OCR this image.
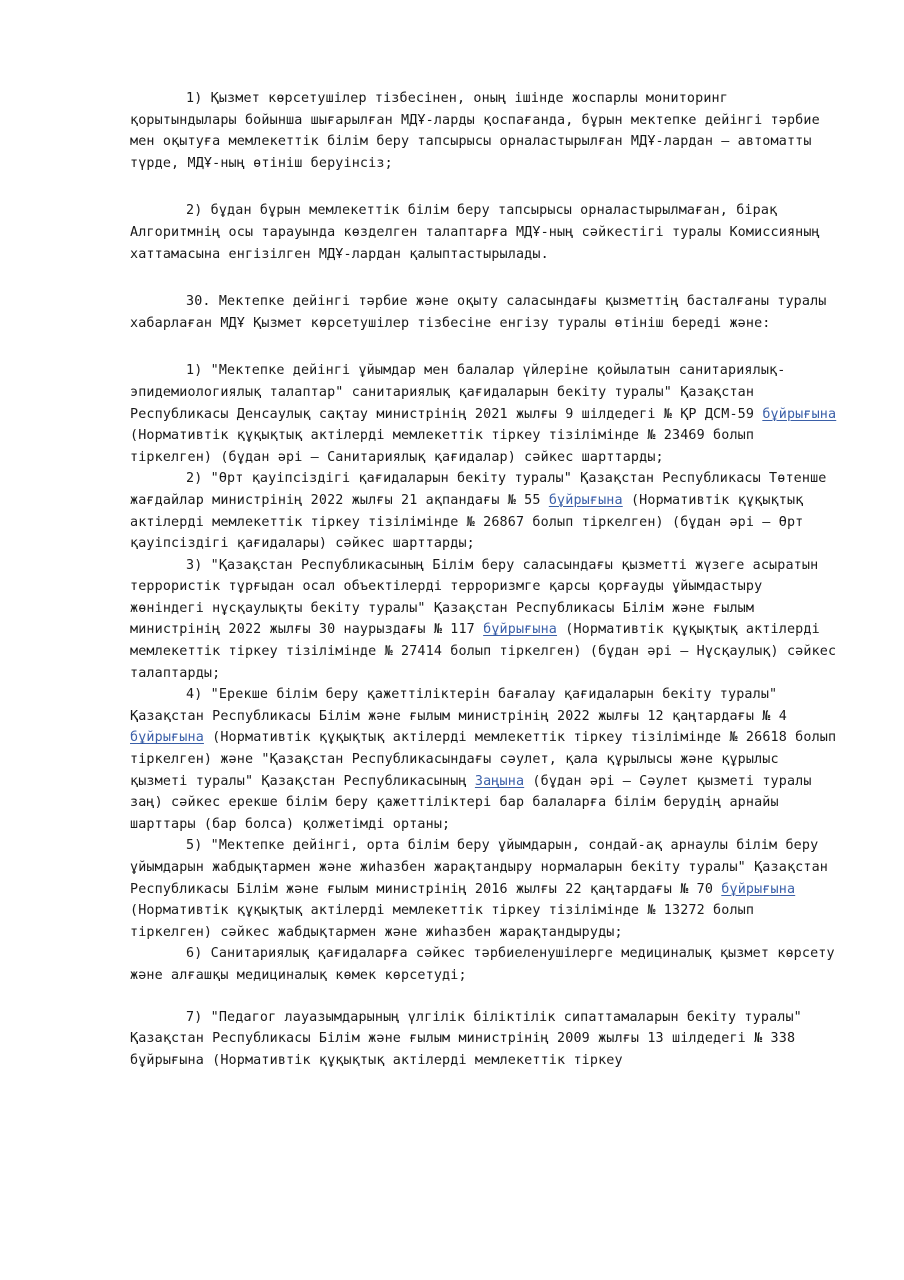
1) Қызмет көрсетушілер тізбесінен, оның ішінде жоспарлы мониторинг қорытындылары бойынша шығарылған МДҰ-ларды қоспағанда, бұрын мектепке дейінгі тәрбие мен оқытуға мемлекеттік білім беру тапсырысы орналастырылған МДҰ-лардан – автоматты түрде, МДҰ-ның өтініш беруінсіз;

2) бұдан бұрын мемлекеттік білім беру тапсырысы орналастырылмаған, бірақ Алгоритмнің осы тарауында көзделген талаптарға МДҰ-ның сәйкестігі туралы Комиссияның хаттамасына енгізілген МДҰ-лардан қалыптастырылады.

30. Мектепке дейінгі тәрбие және оқыту саласындағы қызметтің басталғаны туралы хабарлаған МДҰ Қызмет көрсетушілер тізбесіне енгізу туралы өтініш береді және:

1) "Мектепке дейінгі ұйымдар мен балалар үйлеріне қойылатын санитариялық-эпидемиологиялық талаптар" санитариялық қағидаларын бекіту туралы" Қазақстан Республикасы Денсаулық сақтау министрінің 2021 жылғы 9 шілдедегі № ҚР ДСМ-59 бұйрығына (Нормативтік құқықтық актілерді мемлекеттік тіркеу тізілімінде № 23469 болып тіркелген) (бұдан әрі – Санитариялық қағидалар) сәйкес шарттарды;

2) "Өрт қауіпсіздігі қағидаларын бекіту туралы" Қазақстан Республикасы Төтенше жағдайлар министрінің 2022 жылғы 21 ақпандағы № 55 бұйрығына (Нормативтік құқықтық актілерді мемлекеттік тіркеу тізілімінде № 26867 болып тіркелген) (бұдан әрі – Өрт қауіпсіздігі қағидалары) сәйкес шарттарды;

3) "Қазақстан Республикасының Білім беру саласындағы қызметті жүзеге асыратын террористік тұрғыдан осал объектілерді терроризмге қарсы қорғауды ұйымдастыру жөніндегі нұсқаулықты бекіту туралы" Қазақстан Республикасы Білім және ғылым министрінің 2022 жылғы 30 наурыздағы № 117 бұйрығына (Нормативтік құқықтық актілерді мемлекеттік тіркеу тізілімінде № 27414 болып тіркелген) (бұдан әрі – Нұсқаулық) сәйкес талаптарды;

4) "Ерекше білім беру қажеттіліктерін бағалау қағидаларын бекіту туралы" Қазақстан Республикасы Білім және ғылым министрінің 2022 жылғы 12 қаңтардағы № 4 бұйрығына (Нормативтік құқықтық актілерді мемлекеттік тіркеу тізілімінде № 26618 болып тіркелген) және "Қазақстан Республикасындағы сәулет, қала құрылысы және құрылыс қызметі туралы" Қазақстан Республикасының Заңына (бұдан әрі – Сәулет қызметі туралы заң) сәйкес ерекше білім беру қажеттіліктері бар балаларға білім берудің арнайы шарттары (бар болса) қолжетімді ортаны;

5) "Мектепке дейінгі, орта білім беру ұйымдарын, сондай-ақ арнаулы білім беру ұйымдарын жабдықтармен және жиһазбен жарақтандыру нормаларын бекіту туралы" Қазақстан Республикасы Білім және ғылым министрінің 2016 жылғы 22 қаңтардағы № 70 бұйрығына (Нормативтік құқықтық актілерді мемлекеттік тіркеу тізілімінде № 13272 болып тіркелген) сәйкес жабдықтармен және жиһазбен жарақтандыруды;

6) Санитариялық қағидаларға сәйкес тәрбиеленушілерге медициналық қызмет көрсету және алғашқы медициналық көмек көрсетуді;

7) "Педагог лауазымдарының үлгілік біліктілік сипаттамаларын бекіту туралы" Қазақстан Республикасы Білім және ғылым министрінің 2009 жылғы 13 шілдедегі № 338 бұйрығына (Нормативтік құқықтық актілерді мемлекеттік тіркеу
